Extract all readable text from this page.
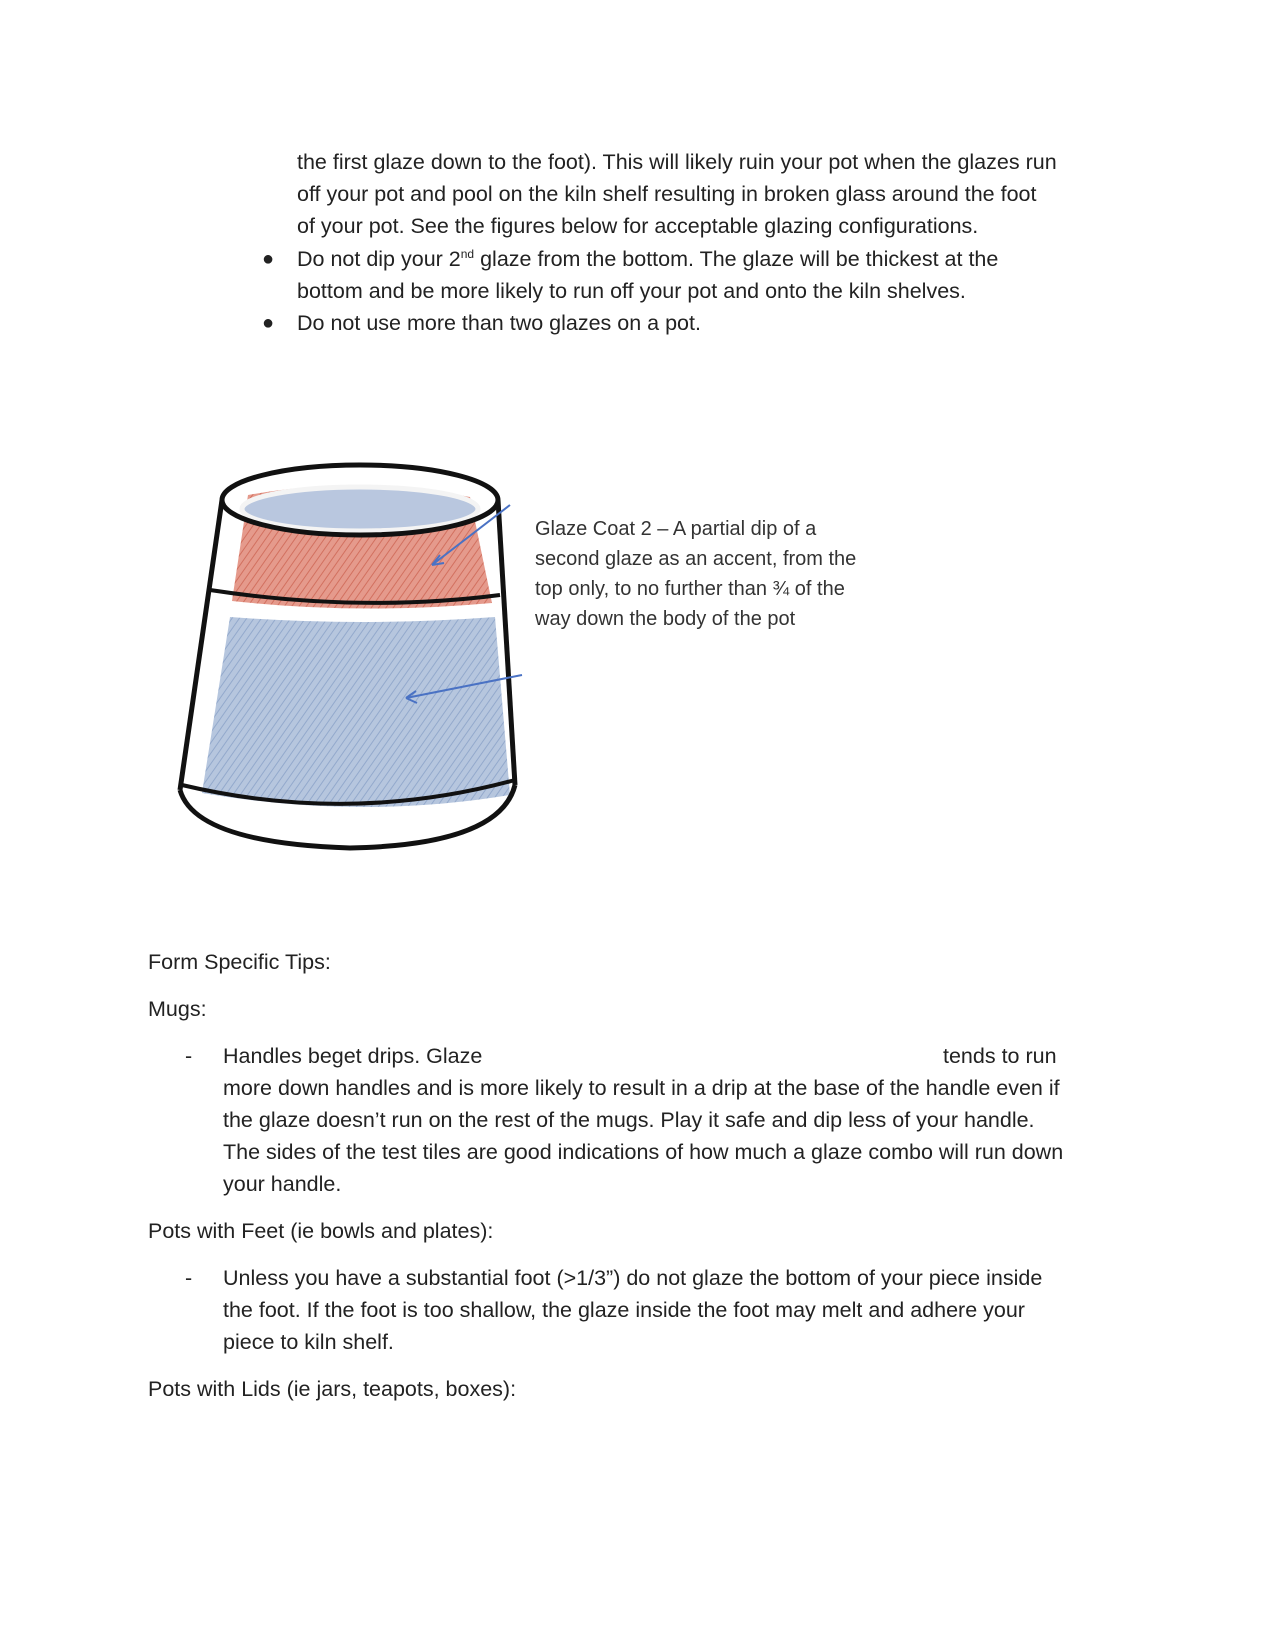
the first glaze down to the foot). This will likely ruin your pot when the glazes run
off your pot and pool on the kiln shelf resulting in broken glass around the foot
of your pot. See the figures below for acceptable glazing configurations.
● Do not dip your 2nd glaze from the bottom. The glaze will be thickest at the
bottom and be more likely to run off your pot and onto the kiln shelves.
● Do not use more than two glazes on a pot.
Glaze Coat 2 – A partial dip of a
second glaze as an accent, from the
top only, to no further than ¾ of the
way down the body of the pot
Form Specific Tips:
Mugs:
- Handles beget drips. Glaze	tends to run
more down handles and is more likely to result in a drip at the base of the handle even if
the glaze doesn’t run on the rest of the mugs. Play it safe and dip less of your handle.
The sides of the test tiles are good indications of how much a glaze combo will run down
your handle.
Pots with Feet (ie bowls and plates):
- Unless you have a substantial foot (>1/3”) do not glaze the bottom of your piece inside
the foot. If the foot is too shallow, the glaze inside the foot may melt and adhere your
piece to kiln shelf.
Pots with Lids (ie jars, teapots, boxes):
